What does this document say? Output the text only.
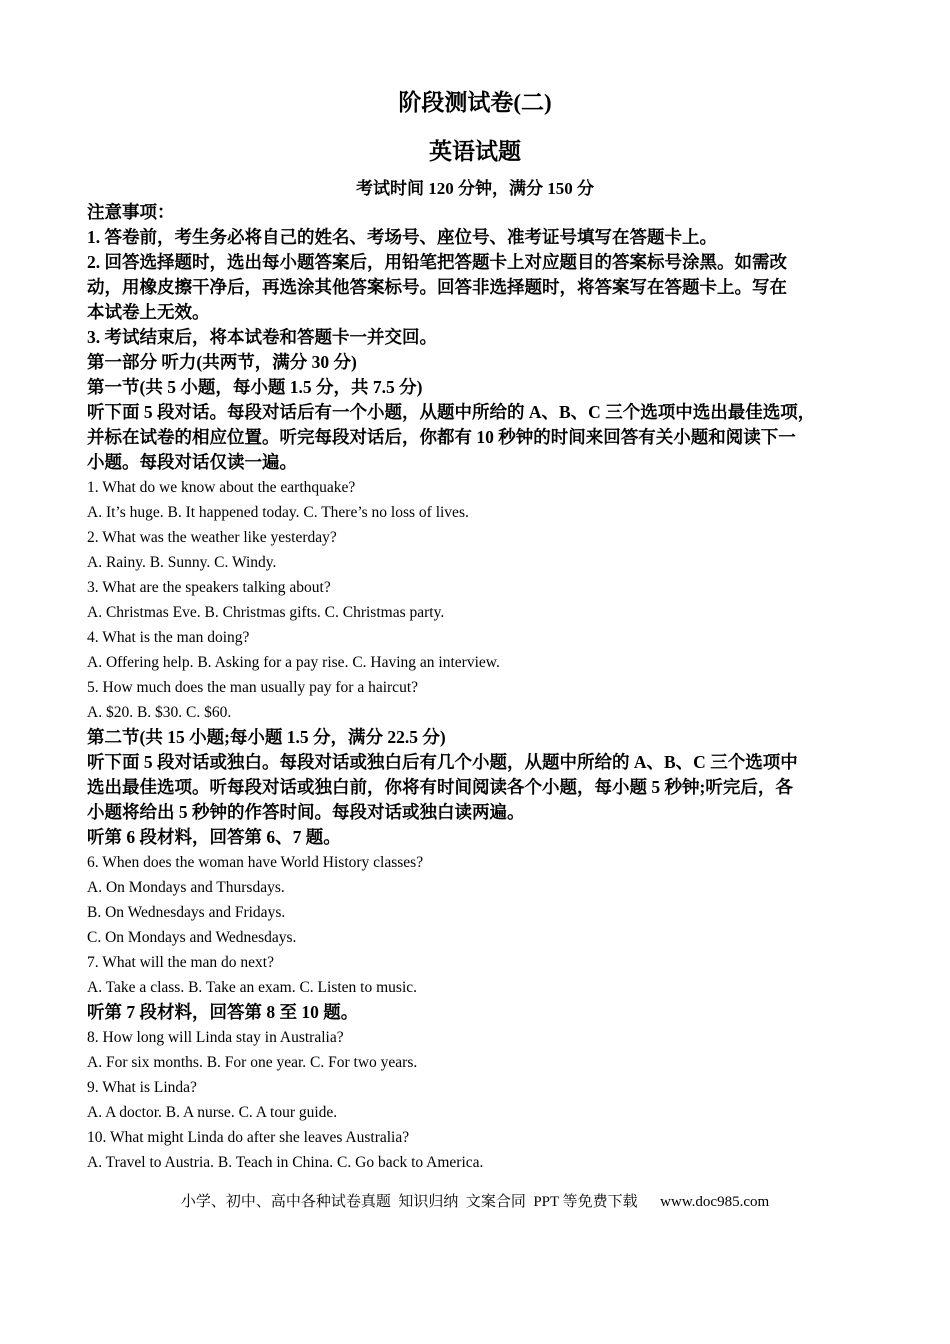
阶段测试卷(二)
英语试题
考试时间 120 分钟，满分 150 分
注意事项：
1. 答卷前，考生务必将自己的姓名、考场号、座位号、准考证号填写在答题卡上。
2. 回答选择题时，选出每小题答案后，用铅笔把答题卡上对应题目的答案标号涂黑。如需改
动，用橡皮擦干净后，再选涂其他答案标号。回答非选择题时，将答案写在答题卡上。写在
本试卷上无效。
3. 考试结束后，将本试卷和答题卡一并交回。
第一部分 听力(共两节，满分 30 分)
第一节(共 5 小题，每小题 1.5 分，共 7.5 分)
听下面 5 段对话。每段对话后有一个小题，从题中所给的 A、B、C 三个选项中选出最佳选项，
并标在试卷的相应位置。听完每段对话后，你都有 10 秒钟的时间来回答有关小题和阅读下一
小题。每段对话仅读一遍。
1. What do we know about the earthquake?
A. It’s huge. B. It happened today. C. There’s no loss of lives.
2. What was the weather like yesterday?
A. Rainy. B. Sunny. C. Windy.
3. What are the speakers talking about?
A. Christmas Eve. B. Christmas gifts. C. Christmas party.
4. What is the man doing?
A. Offering help. B. Asking for a pay rise. C. Having an interview.
5. How much does the man usually pay for a haircut?
A. $20. B. $30. C. $60.
第二节(共 15 小题;每小题 1.5 分，满分 22.5 分)
听下面 5 段对话或独白。每段对话或独白后有几个小题，从题中所给的 A、B、C 三个选项中
选出最佳选项。听每段对话或独白前，你将有时间阅读各个小题，每小题 5 秒钟;听完后，各
小题将给出 5 秒钟的作答时间。每段对话或独白读两遍。
听第 6 段材料，回答第 6、7 题。
6. When does the woman have World History classes?
A. On Mondays and Thursdays.
B. On Wednesdays and Fridays.
C. On Mondays and Wednesdays.
7. What will the man do next?
A. Take a class. B. Take an exam. C. Listen to music.
听第 7 段材料，回答第 8 至 10 题。
8. How long will Linda stay in Australia?
A. For six months. B. For one year. C. For two years.
9. What is Linda?
A. A doctor. B. A nurse. C. A tour guide.
10. What might Linda do after she leaves Australia?
A. Travel to Austria. B. Teach in China. C. Go back to America.
小学、初中、高中各种试卷真题  知识归纳  文案合同  PPT 等免费下载      www.doc985.com
